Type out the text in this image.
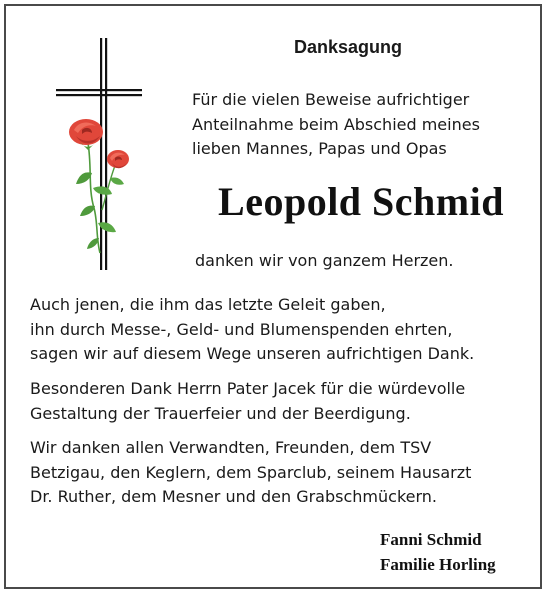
Danksagung
Für die vielen Beweise aufrichtiger
Anteilnahme beim Abschied meines
lieben Mannes, Papas und Opas
Leopold Schmid
danken wir von ganzem Herzen.
Auch jenen, die ihm das letzte Geleit gaben,
ihn durch Messe-, Geld- und Blumenspenden ehrten,
sagen wir auf diesem Wege unseren aufrichtigen Dank.
Besonderen Dank Herrn Pater Jacek für die würdevolle
Gestaltung der Trauerfeier und der Beerdigung.
Wir danken allen Verwandten, Freunden, dem TSV
Betzigau, den Keglern, dem Sparclub, seinem Hausarzt
Dr. Ruther, dem Mesner und den Grabschmückern.
Fanni Schmid
Familie Horling
